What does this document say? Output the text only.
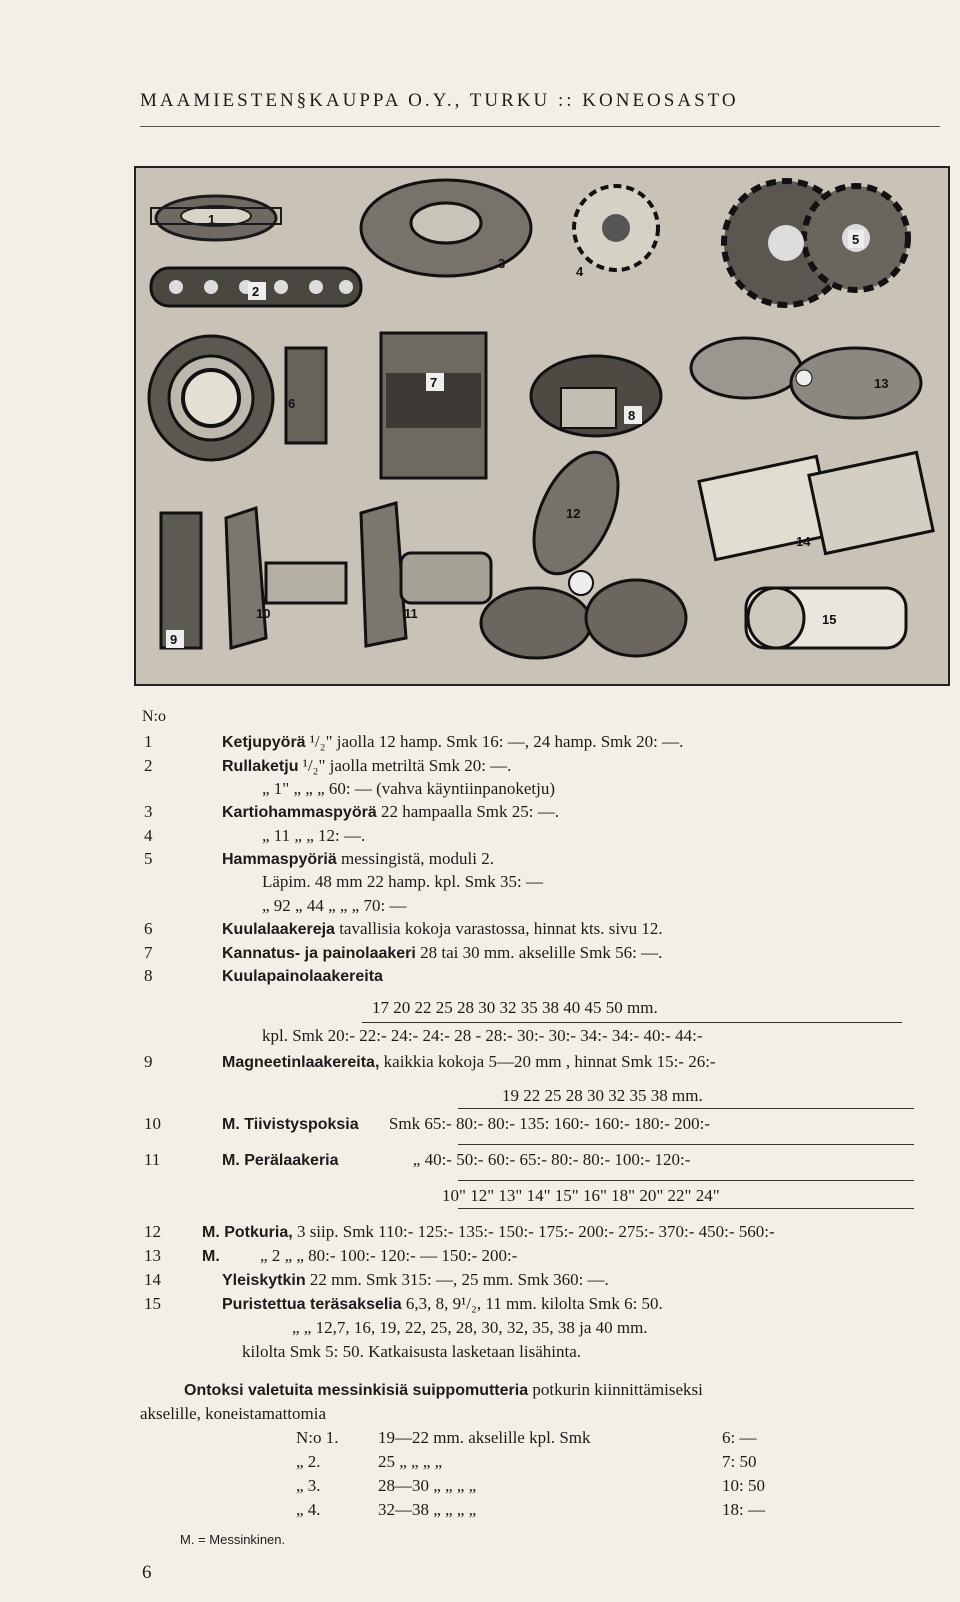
MAAMIESTEN§KAUPPA O.Y., TURKU :: KONEOSASTO
1
2
3
4
5
6
7
8
9
10	11
12
13
14
15
N:o
1	Ketjupyörä ¹/₂" jaolla 12 hamp. Smk 16: —, 24 hamp. Smk 20: —.
2	Rullaketju ¹/₂" jaolla metriltä Smk 20: —.
„ 1" „ „ „ 60: — (vahva käyntiinpanoketju)
3	Kartiohammaspyörä 22 hampaalla Smk 25: —.
4	„ 11 „ „ 12: —.
5	Hammaspyöriä messingistä, moduli 2.
Läpim. 48 mm 22 hamp. kpl. Smk 35: —
„ 92 „ 44 „ „ „ 70: —
6	Kuulalaakereja tavallisia kokoja varastossa, hinnat kts. sivu 12.
7	Kannatus- ja painolaakeri 28 tai 30 mm. akselille Smk 56: —.
8	Kuulapainolaakereita
17 20 22 25 28 30 32 35 38 40 45 50 mm.
kpl. Smk 20:- 22:- 24:- 24:- 28 - 28:- 30:- 30:- 34:- 34:- 40:- 44:-
9	Magneetinlaakereita, kaikkia kokoja 5—20 mm , hinnat Smk 15:- 26:-
19 22 25 28 30 32 35 38 mm.
10	M. Tiivistyspoksia Smk 65:- 80:- 80:- 135: 160:- 160:- 180:- 200:-
11	M. Perälaakeria	„ 40:- 50:- 60:- 65:- 80:- 80:- 100:- 120:-
10" 12" 13" 14" 15" 16" 18" 20" 22" 24"
12	M. Potkuria, 3 siip. Smk 110:- 125:- 135:- 150:- 175:- 200:- 275:- 370:- 450:- 560:-
13	M. „ 2 „ „ 80:- 100:- 120:- — 150:- 200:-
14	Yleiskytkin 22 mm. Smk 315: —, 25 mm. Smk 360: —.
15	Puristettua teräsakselia 6,3, 8, 9¹/₂, 11 mm. kilolta Smk 6: 50.
„ „ 12,7, 16, 19, 22, 25, 28, 30, 32, 35, 38 ja 40 mm.
kilolta Smk 5: 50. Katkaisusta lasketaan lisähinta.
Ontoksi valetuita messinkisiä suippomutteria potkurin kiinnittämiseksi
akselille, koneistamattomia
N:o 1. 19—22 mm. akselille kpl. Smk	6: —
„ 2.	25 „ „ „ „	7: 50
„ 3.	28—30 „ „ „ „	10: 50
„ 4.	32—38 „ „ „ „	18: —
M. = Messinkinen.
6
